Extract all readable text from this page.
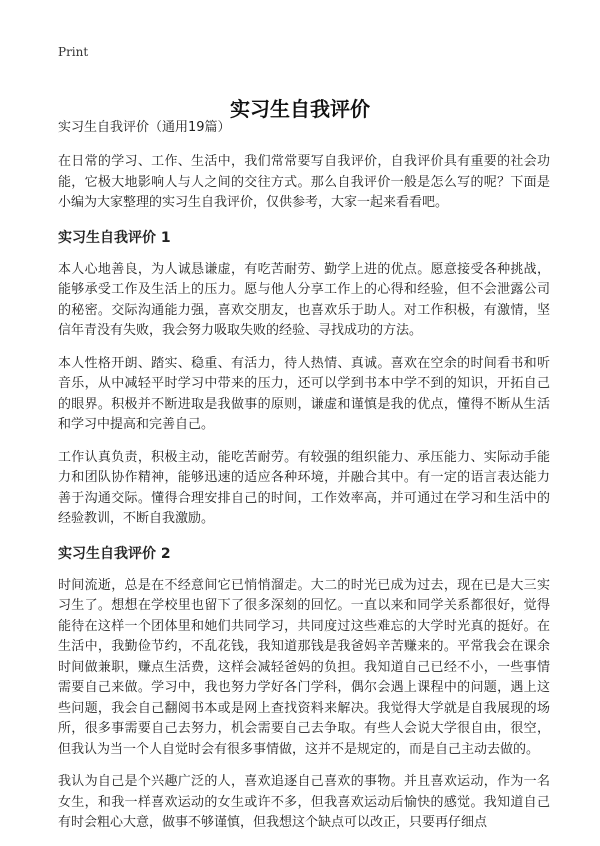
Print
实习生自我评价

实习生自我评价（通用19篇）

在日常的学习、工作、生活中，我们常常要写自我评价，自我评价具有重要的社会功能，它极大地影响人与人之间的交往方式。那么自我评价一般是怎么写的呢？下面是小编为大家整理的实习生自我评价，仅供参考，大家一起来看看吧。

实习生自我评价 1

本人心地善良，为人诚恳谦虚，有吃苦耐劳、勤学上进的优点。愿意接受各种挑战，能够承受工作及生活上的压力。愿与他人分享工作上的心得和经验，但不会泄露公司的秘密。交际沟通能力强，喜欢交朋友，也喜欢乐于助人。对工作积极，有激情，坚信年青没有失败，我会努力吸取失败的经验、寻找成功的方法。

本人性格开朗、踏实、稳重、有活力，待人热情、真诚。喜欢在空余的时间看书和听音乐，从中减轻平时学习中带来的压力，还可以学到书本中学不到的知识，开拓自己的眼界。积极并不断进取是我做事的原则，谦虚和谨慎是我的优点，懂得不断从生活和学习中提高和完善自己。

工作认真负责，积极主动，能吃苦耐劳。有较强的组织能力、承压能力、实际动手能力和团队协作精神，能够迅速的适应各种环境，并融合其中。有一定的语言表达能力善于沟通交际。懂得合理安排自己的时间，工作效率高，并可通过在学习和生活中的经验教训，不断自我激励。

实习生自我评价 2

时间流逝，总是在不经意间它已悄悄溜走。大二的时光已成为过去，现在已是大三实习生了。想想在学校里也留下了很多深刻的回忆。一直以来和同学关系都很好，觉得能待在这样一个团体里和她们共同学习，共同度过这些难忘的大学时光真的挺好。在生活中，我勤俭节约，不乱花钱，我知道那钱是我爸妈辛苦赚来的。平常我会在课余时间做兼职，赚点生活费，这样会减轻爸妈的负担。我知道自己已经不小，一些事情需要自己来做。学习中，我也努力学好各门学科，偶尔会遇上课程中的问题，遇上这些问题，我会自己翻阅书本或是网上查找资料来解决。我觉得大学就是自我展现的场所，很多事需要自己去努力，机会需要自己去争取。有些人会说大学很自由，很空，但我认为当一个人自觉时会有很多事情做，这并不是规定的，而是自己主动去做的。

我认为自己是个兴趣广泛的人，喜欢追逐自己喜欢的事物。并且喜欢运动，作为一名女生，和我一样喜欢运动的女生或许不多，但我喜欢运动后愉快的感觉。我知道自己有时会粗心大意，做事不够谨慎，但我想这个缺点可以改正，只要再仔细点
